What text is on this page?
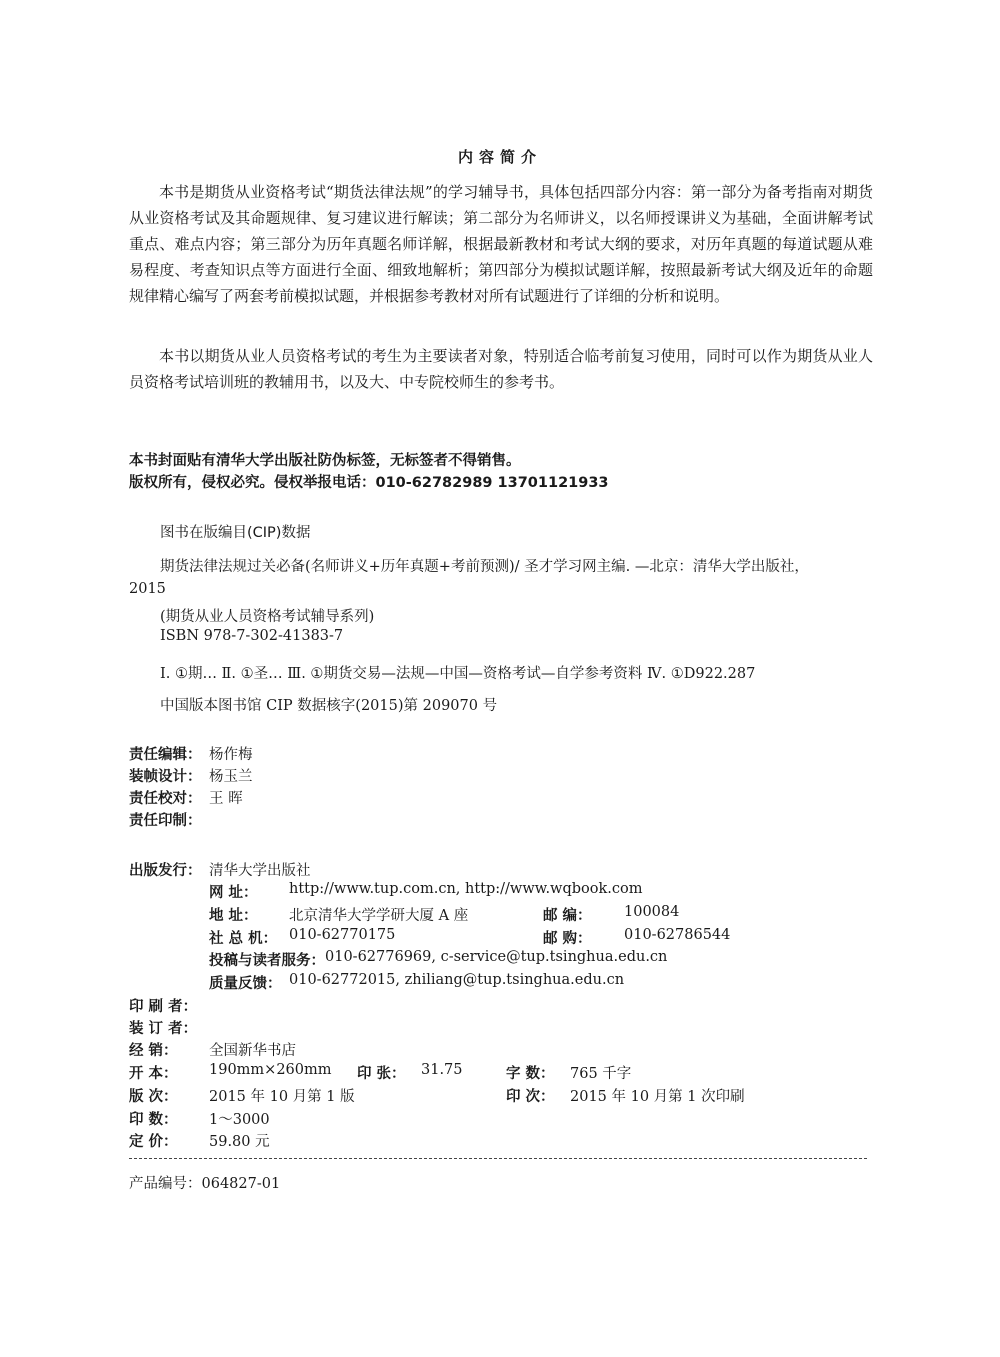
内容简介

本书是期货从业资格考试“期货法律法规”的学习辅导书，具体包括四部分内容：第一部分为备考指南对期货从业资格考试及其命题规律、复习建议进行解读；第二部分为名师讲义，以名师授课讲义为基础，全面讲解考试重点、难点内容；第三部分为历年真题名师详解，根据最新教材和考试大纲的要求，对历年真题的每道试题从难易程度、考查知识点等方面进行全面、细致地解析；第四部分为模拟试题详解，按照最新考试大纲及近年的命题规律精心编写了两套考前模拟试题，并根据参考教材对所有试题进行了详细的分析和说明。

本书以期货从业人员资格考试的考生为主要读者对象，特别适合临考前复习使用，同时可以作为期货从业人员资格考试培训班的教辅用书，以及大、中专院校师生的参考书。

本书封面贴有清华大学出版社防伪标签，无标签者不得销售。
版权所有，侵权必究。侵权举报电话：010-62782989 13701121933
图书在版编目(CIP)数据
期货法律法规过关必备(名师讲义+历年真题+考前预测)/ 圣才学习网主编. —北京：清华大学出版社，
2015
(期货从业人员资格考试辅导系列)
ISBN 978-7-302-41383-7
Ⅰ. ①期… Ⅱ. ①圣… Ⅲ. ①期货交易—法规—中国—资格考试—自学参考资料 Ⅳ. ①D922.287
中国版本图书馆 CIP 数据核字(2015)第 209070 号
责任编辑： 杨作梅
装帧设计： 杨玉兰
责任校对： 王 晖
责任印制：
出版发行： 清华大学出版社
网 址： http://www.tup.com.cn, http://www.wqbook.com
地 址： 北京清华大学学研大厦 A 座	邮 编： 100084
社 总 机： 010-62770175	邮 购： 010-62786544
投稿与读者服务： 010-62776969, c-service@tup.tsinghua.edu.cn
质量反馈： 010-62772015, zhiliang@tup.tsinghua.edu.cn
印 刷 者：
装 订 者：
经 销： 全国新华书店
开 本： 190mm×260mm 印 张： 31.75	字 数： 765 千字
版 次： 2015 年 10 月第 1 版	印 次： 2015 年 10 月第 1 次印刷
印 数： 1～3000
定 价： 59.80 元
产品编号：064827-01
